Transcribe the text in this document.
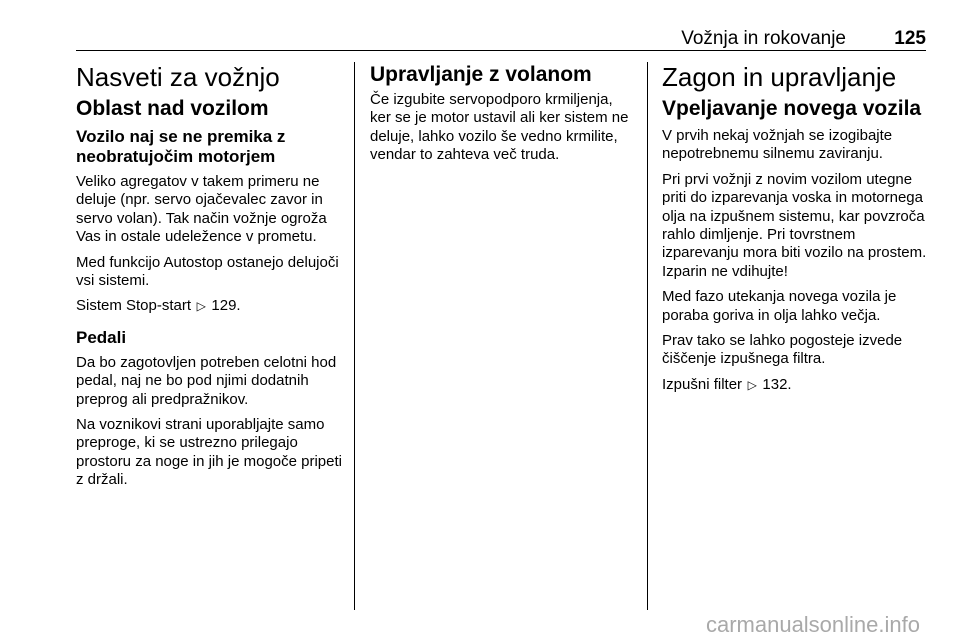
Vožnja in rokovanje	125
Nasveti za vožnjo
Oblast nad vozilom
Vozilo naj se ne premika z neobratujočim motorjem
Veliko agregatov v takem primeru ne deluje (npr. servo ojačevalec zavor in servo volan). Tak način vožnje ogroža Vas in ostale udeležence v prometu.
Med funkcijo Autostop ostanejo delujoči vsi sistemi.
Sistem Stop-start ▷ 129.
Pedali
Da bo zagotovljen potreben celotni hod pedal, naj ne bo pod njimi dodatnih preprog ali predpražnikov.
Na voznikovi strani uporabljajte samo preproge, ki se ustrezno prilegajo prostoru za noge in jih je mogoče pripeti z držali.
Upravljanje z volanom
Če izgubite servopodporo krmiljenja, ker se je motor ustavil ali ker sistem ne deluje, lahko vozilo še vedno krmilite, vendar to zahteva več truda.
Zagon in upravljanje
Vpeljavanje novega vozila
V prvih nekaj vožnjah se izogibajte nepotrebnemu silnemu zaviranju.
Pri prvi vožnji z novim vozilom utegne priti do izparevanja voska in motornega olja na izpušnem sistemu, kar povzroča rahlo dimljenje. Pri tovrstnem izparevanju mora biti vozilo na prostem. Izparin ne vdihujte!
Med fazo utekanja novega vozila je poraba goriva in olja lahko večja.
Prav tako se lahko pogosteje izvede čiščenje izpušnega filtra.
Izpušni filter ▷ 132.
carmanualsonline.info
